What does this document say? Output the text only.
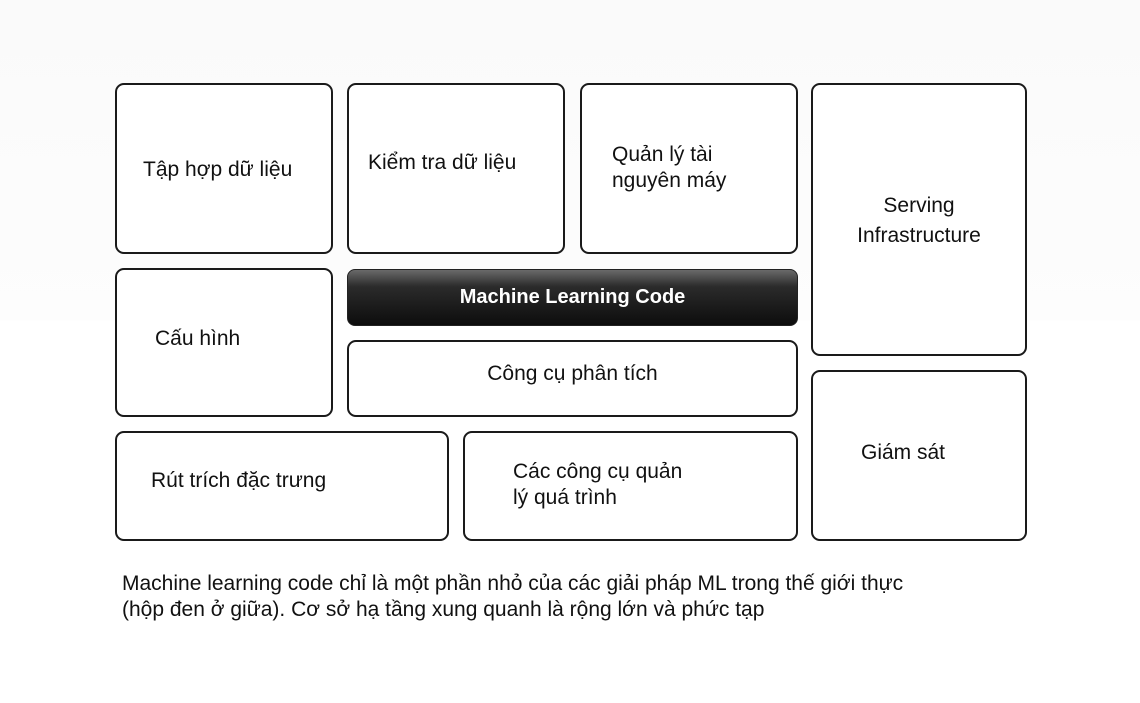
Tập hợp dữ liệu	Kiểm tra dữ liệu	Quản lý tài
nguyên máy
Serving
Infrastructure
Cấu hình
Machine Learning Code
Công cụ phân tích
Giám sát
Rút trích đặc trưng	Các công cụ quản
lý quá trình
Machine learning code chỉ là một phần nhỏ của các giải pháp ML trong thế giới thực
(hộp đen ở giữa). Cơ sở hạ tầng xung quanh là rộng lớn và phức tạp
